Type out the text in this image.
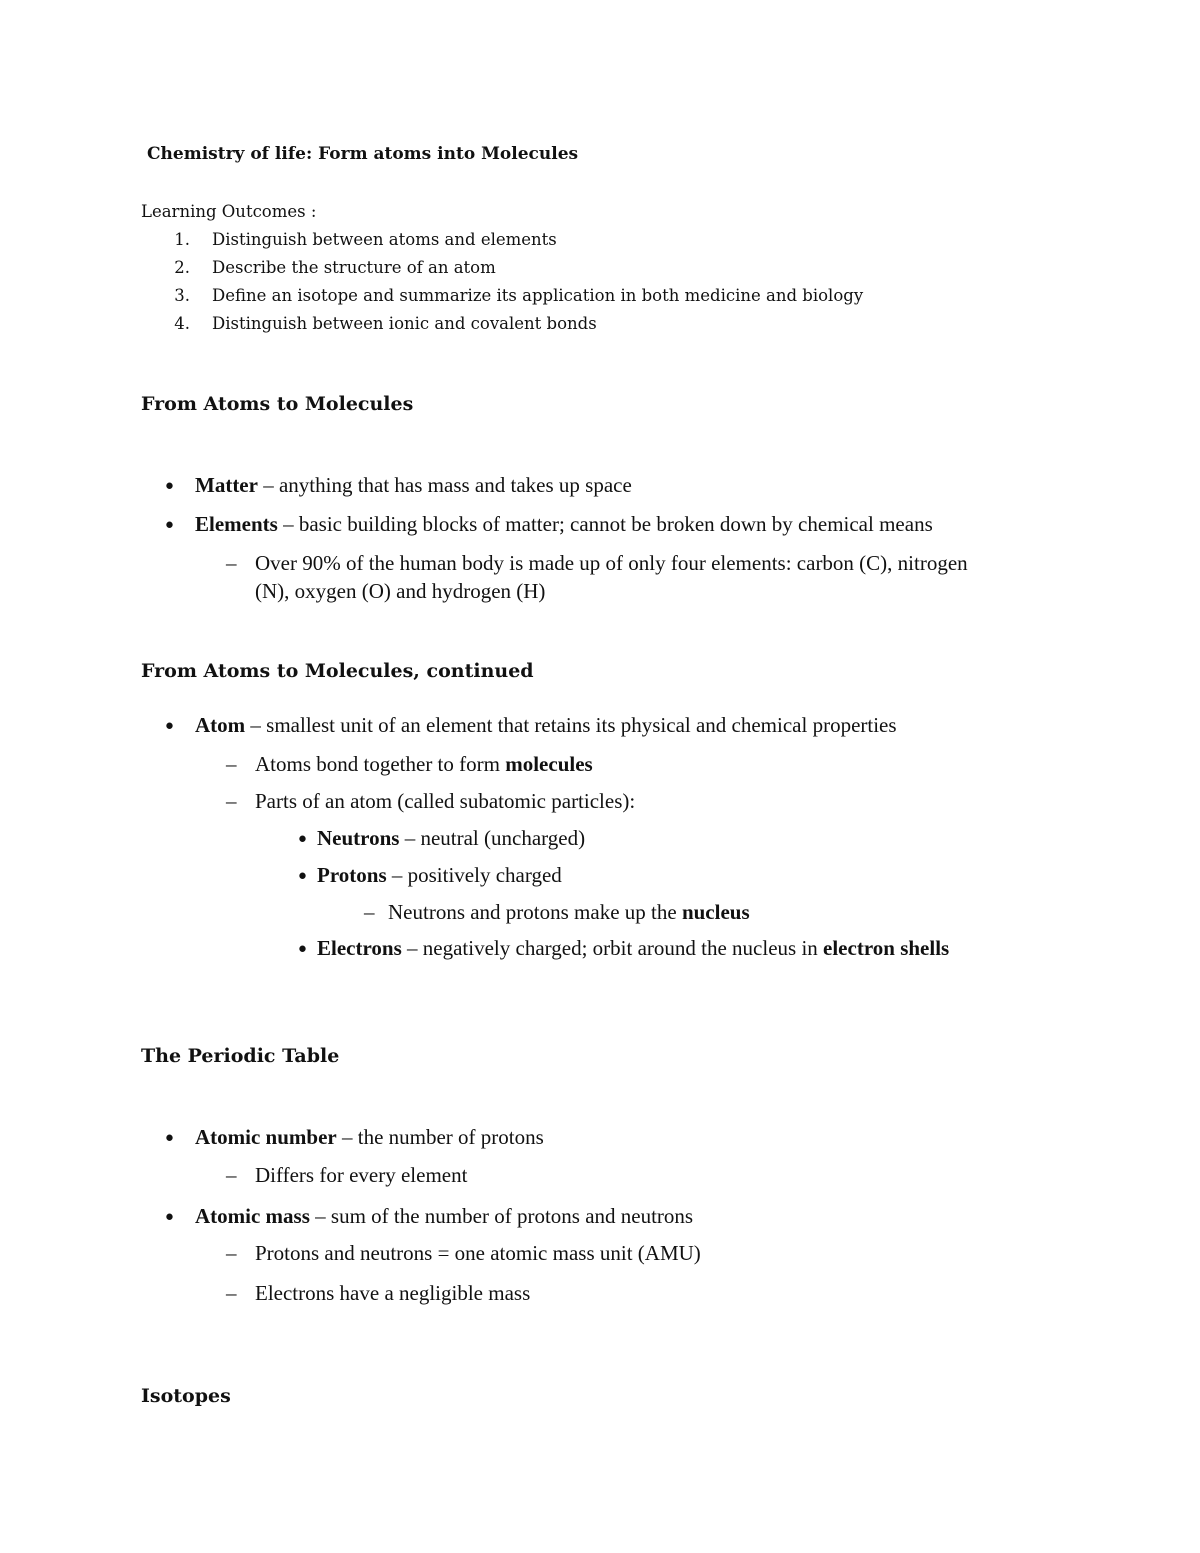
Chemistry of life: Form atoms into Molecules
Learning Outcomes :
1. Distinguish between atoms and elements
2. Describe the structure of an atom
3. Define an isotope and summarize its application in both medicine and biology
4. Distinguish between ionic and covalent bonds
From Atoms to Molecules
• Matter – anything that has mass and takes up space
• Elements – basic building blocks of matter; cannot be broken down by chemical means
– Over 90% of the human body is made up of only four elements: carbon (C), nitrogen
(N), oxygen (O) and hydrogen (H)
From Atoms to Molecules, continued
• Atom – smallest unit of an element that retains its physical and chemical properties
– Atoms bond together to form molecules
– Parts of an atom (called subatomic particles):
• Neutrons – neutral (uncharged)
• Protons – positively charged
– Neutrons and protons make up the nucleus
• Electrons – negatively charged; orbit around the nucleus in electron shells
The Periodic Table
• Atomic number – the number of protons
– Differs for every element
• Atomic mass – sum of the number of protons and neutrons
– Protons and neutrons = one atomic mass unit (AMU)
– Electrons have a negligible mass
Isotopes
